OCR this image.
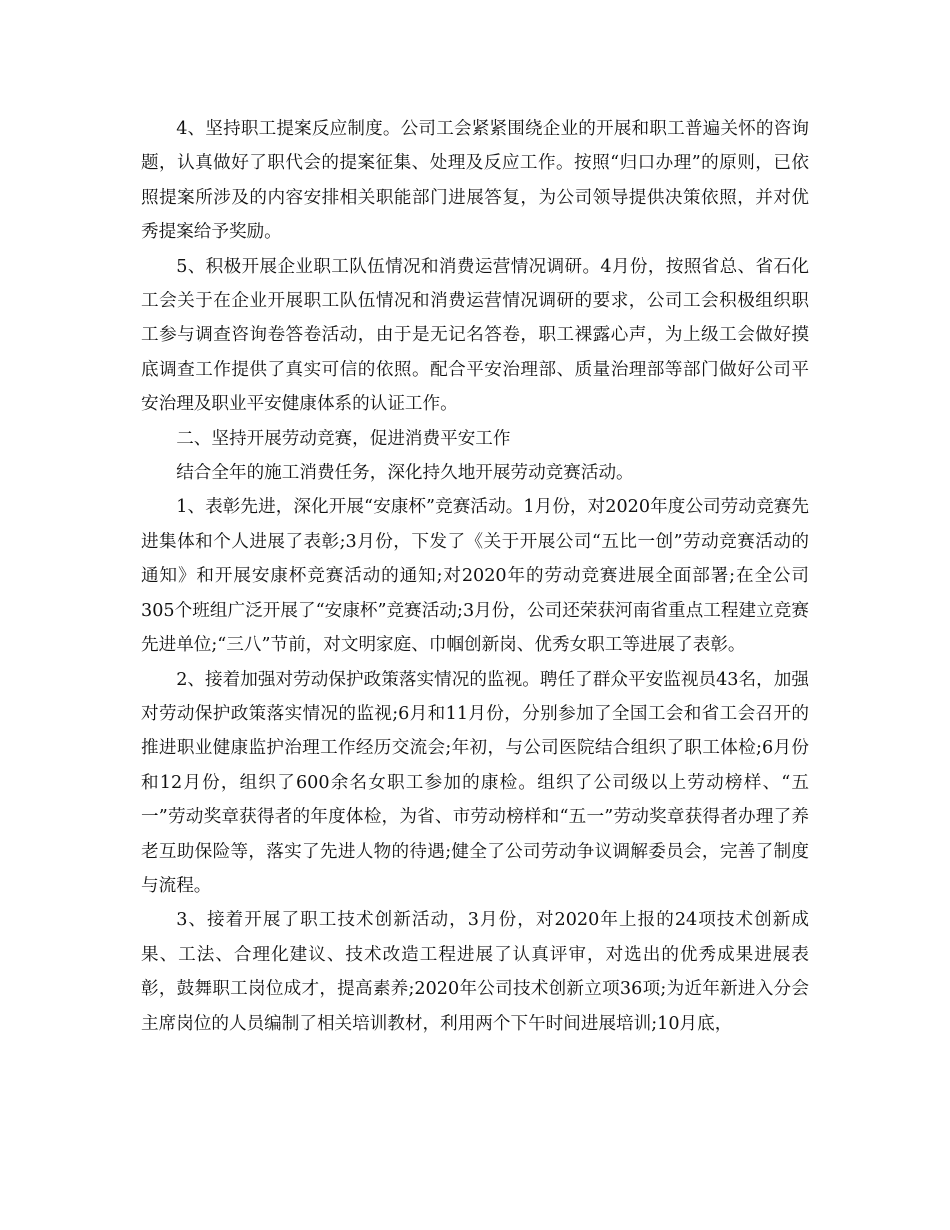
4、坚持职工提案反应制度。公司工会紧紧围绕企业的开展和职工普遍关怀的咨询题，认真做好了职代会的提案征集、处理及反应工作。按照“归口办理”的原则，已依照提案所涉及的内容安排相关职能部门进展答复，为公司领导提供决策依照，并对优秀提案给予奖励。

5、积极开展企业职工队伍情况和消费运营情况调研。4月份，按照省总、省石化工会关于在企业开展职工队伍情况和消费运营情况调研的要求，公司工会积极组织职工参与调查咨询卷答卷活动，由于是无记名答卷，职工裸露心声，为上级工会做好摸底调查工作提供了真实可信的依照。配合平安治理部、质量治理部等部门做好公司平安治理及职业平安健康体系的认证工作。

二、坚持开展劳动竞赛，促进消费平安工作

结合全年的施工消费任务，深化持久地开展劳动竞赛活动。

1、表彰先进，深化开展“安康杯”竞赛活动。1月份，对2020年度公司劳动竞赛先进集体和个人进展了表彰;3月份，下发了《关于开展公司“五比一创”劳动竞赛活动的通知》和开展安康杯竞赛活动的通知;对2020年的劳动竞赛进展全面部署;在全公司305个班组广泛开展了“安康杯”竞赛活动;3月份，公司还荣获河南省重点工程建立竞赛先进单位;“三八”节前，对文明家庭、巾帼创新岗、优秀女职工等进展了表彰。

2、接着加强对劳动保护政策落实情况的监视。聘任了群众平安监视员43名，加强对劳动保护政策落实情况的监视;6月和11月份，分别参加了全国工会和省工会召开的推进职业健康监护治理工作经历交流会;年初，与公司医院结合组织了职工体检;6月份和12月份，组织了600余名女职工参加的康检。组织了公司级以上劳动榜样、“五一”劳动奖章获得者的年度体检，为省、市劳动榜样和“五一”劳动奖章获得者办理了养老互助保险等，落实了先进人物的待遇;健全了公司劳动争议调解委员会，完善了制度与流程。

3、接着开展了职工技术创新活动，3月份，对2020年上报的24项技术创新成果、工法、合理化建议、技术改造工程进展了认真评审，对选出的优秀成果进展表彰，鼓舞职工岗位成才，提高素养;2020年公司技术创新立项36项;为近年新进入分会主席岗位的人员编制了相关培训教材，利用两个下午时间进展培训;10月底，
